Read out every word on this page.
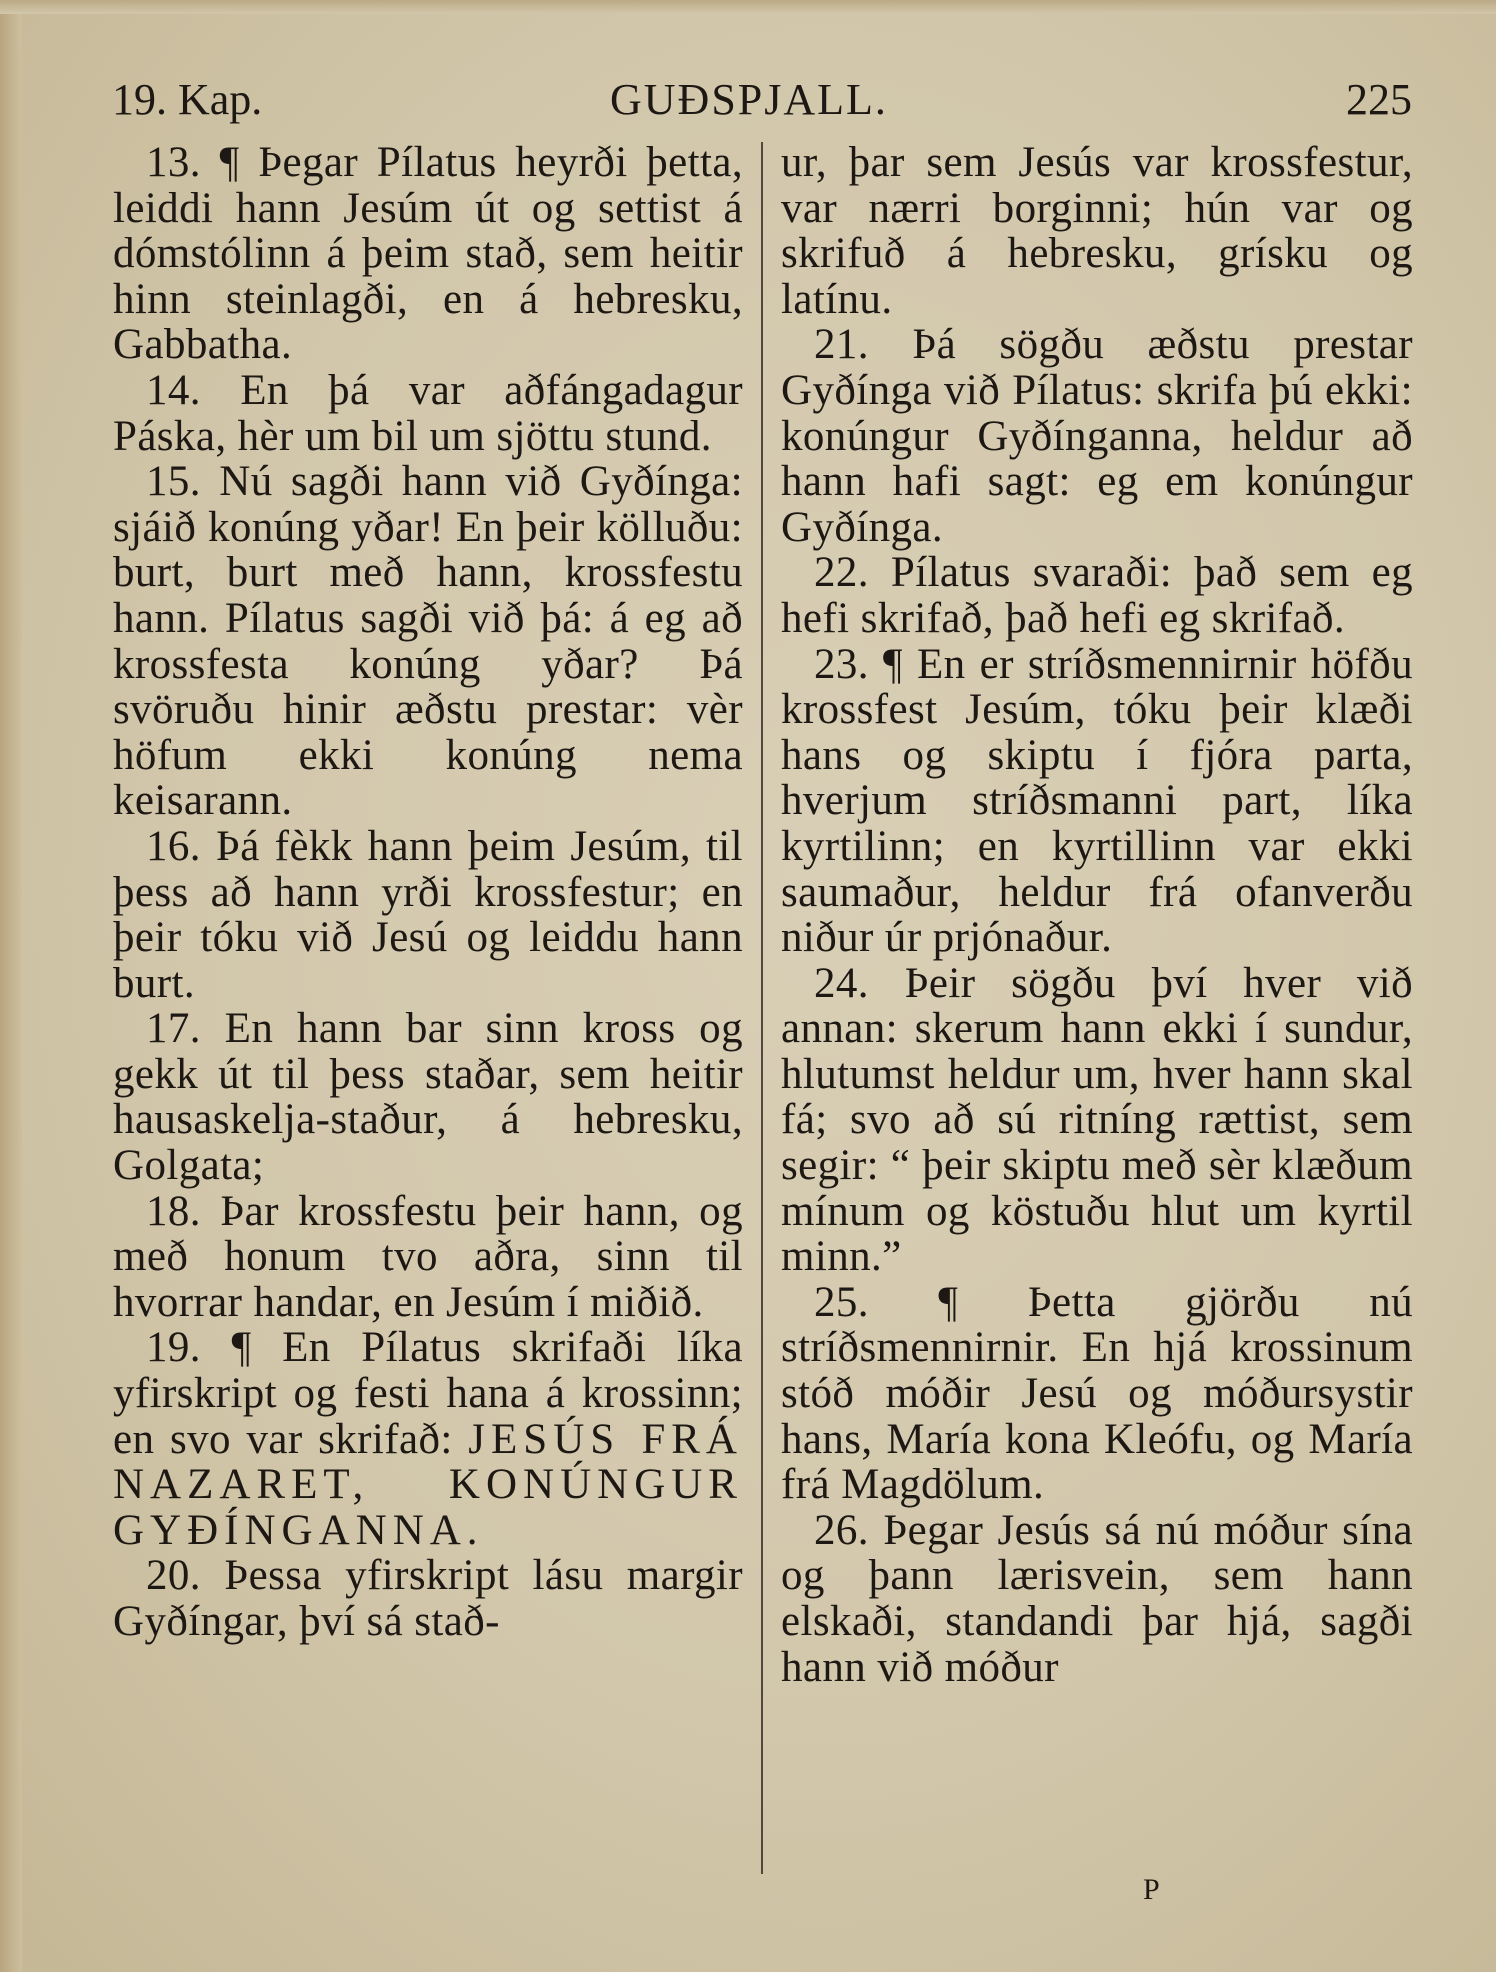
19. Kap.	GUÐSPJALL.	225

13. ¶ Þegar Pílatus heyrði þetta, leiddi hann Jesúm út og settist á dómstólinn á þeim stað, sem heitir hinn steinlagði, en á hebresku, Gabbatha.

14. En þá var aðfángadagur Páska, hèr um bil um sjöttu stund.

15. Nú sagði hann við Gyðínga: sjáið konúng yðar! En þeir kölluðu: burt, burt með hann, krossfestu hann. Pílatus sagði við þá: á eg að krossfesta konúng yðar? Þá svöruðu hinir æðstu prestar: vèr höfum ekki konúng nema keisarann.

16. Þá fèkk hann þeim Jesúm, til þess að hann yrði krossfestur; en þeir tóku við Jesú og leiddu hann burt.

17. En hann bar sinn kross og gekk út til þess staðar, sem heitir hausaskelja-staður, á hebresku, Golgata;

18. Þar krossfestu þeir hann, og með honum tvo aðra, sinn til hvorrar handar, en Jesúm í miðið.

19. ¶ En Pílatus skrifaði líka yfirskript og festi hana á krossinn; en svo var skrifað: JESÚS FRÁ NAZARET, KONÚNGUR GYÐÍNGANNA.

20. Þessa yfirskript lásu margir Gyðíngar, því sá stað-

ur, þar sem Jesús var krossfestur, var nærri borginni; hún var og skrifuð á hebresku, grísku og latínu.

21. Þá sögðu æðstu prestar Gyðínga við Pílatus: skrifa þú ekki: konúngur Gyðínganna, heldur að hann hafi sagt: eg em konúngur Gyðínga.

22. Pílatus svaraði: það sem eg hefi skrifað, það hefi eg skrifað.

23. ¶ En er stríðsmennirnir höfðu krossfest Jesúm, tóku þeir klæði hans og skiptu í fjóra parta, hverjum stríðsmanni part, líka kyrtilinn; en kyrtillinn var ekki saumaður, heldur frá ofanverðu niður úr prjónaður.

24. Þeir sögðu því hver við annan: skerum hann ekki í sundur, hlutumst heldur um, hver hann skal fá; svo að sú ritníng rættist, sem segir: “ þeir skiptu með sèr klæðum mínum og köstuðu hlut um kyrtil minn.”

25. ¶ Þetta gjörðu nú stríðsmennirnir. En hjá krossinum stóð móðir Jesú og móðursystir hans, María kona Kleófu, og María frá Magdölum.

26. Þegar Jesús sá nú móður sína og þann lærisvein, sem hann elskaði, standandi þar hjá, sagði hann við móður

P
